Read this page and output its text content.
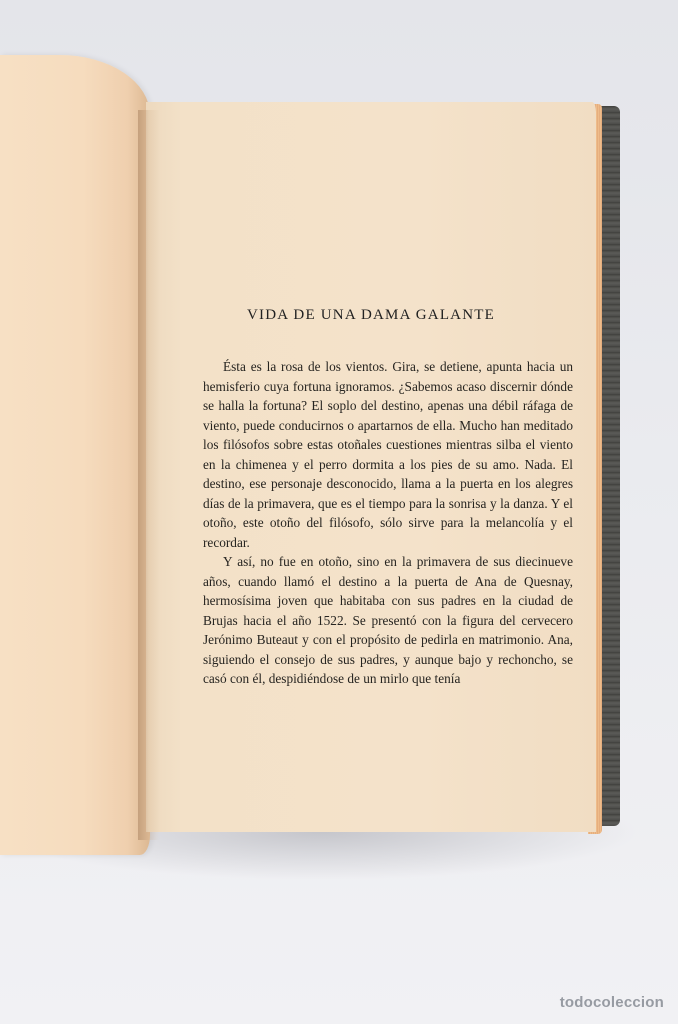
VIDA DE UNA DAMA GALANTE

Ésta es la rosa de los vientos. Gira, se detiene, apunta hacia un hemisferio cuya fortuna ignoramos. ¿Sabemos acaso discernir dónde se halla la fortuna? El soplo del destino, apenas una débil ráfaga de viento, puede conducirnos o apartarnos de ella. Mucho han meditado los filósofos sobre estas otoñales cuestiones mientras silba el viento en la chimenea y el perro dormita a los pies de su amo. Nada. El destino, ese personaje desconocido, llama a la puerta en los alegres días de la primavera, que es el tiempo para la sonrisa y la danza. Y el otoño, este otoño del filósofo, sólo sirve para la melancolía y el recordar.

Y así, no fue en otoño, sino en la primavera de sus diecinueve años, cuando llamó el destino a la puerta de Ana de Quesnay, hermosísima joven que habitaba con sus padres en la ciudad de Brujas hacia el año 1522. Se presentó con la figura del cervecero Jerónimo Buteaut y con el propósito de pedirla en matrimonio. Ana, siguiendo el consejo de sus padres, y aunque bajo y rechoncho, se casó con él, despidiéndose de un mirlo que tenía

todocoleccion
